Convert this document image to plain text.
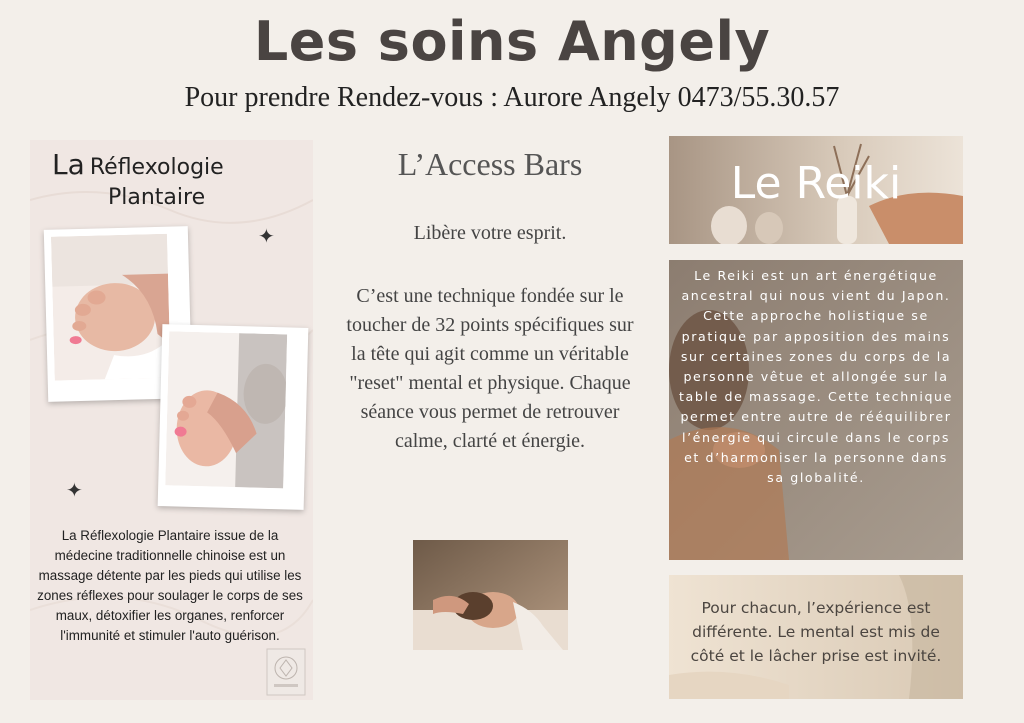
Les soins Angely
Pour prendre Rendez-vous : Aurore Angely 0473/55.30.57
La Réflexologie
Plantaire
✦
✦
La Réflexologie Plantaire issue de la médecine traditionnelle chinoise est un massage détente par les pieds qui utilise les zones réflexes pour soulager le corps de ses maux, détoxifier les organes, renforcer l'immunité et stimuler l'auto guérison.
L’Access Bars
Libère votre esprit.
C’est une technique fondée sur le toucher de 32 points spécifiques sur la tête qui agit comme un véritable "reset" mental et physique. Chaque séance vous permet de retrouver calme, clarté et énergie.
Le Reiki
Le Reiki est un art énergétique ancestral qui nous vient du Japon. Cette approche holistique se pratique par apposition des mains sur certaines zones du corps de la personne vêtue et allongée sur la table de massage. Cette technique permet entre autre de rééquilibrer l’énergie qui circule dans le corps et d’harmoniser la personne dans sa globalité.
Pour chacun, l’expérience est différente. Le mental est mis de côté et le lâcher prise est invité.
